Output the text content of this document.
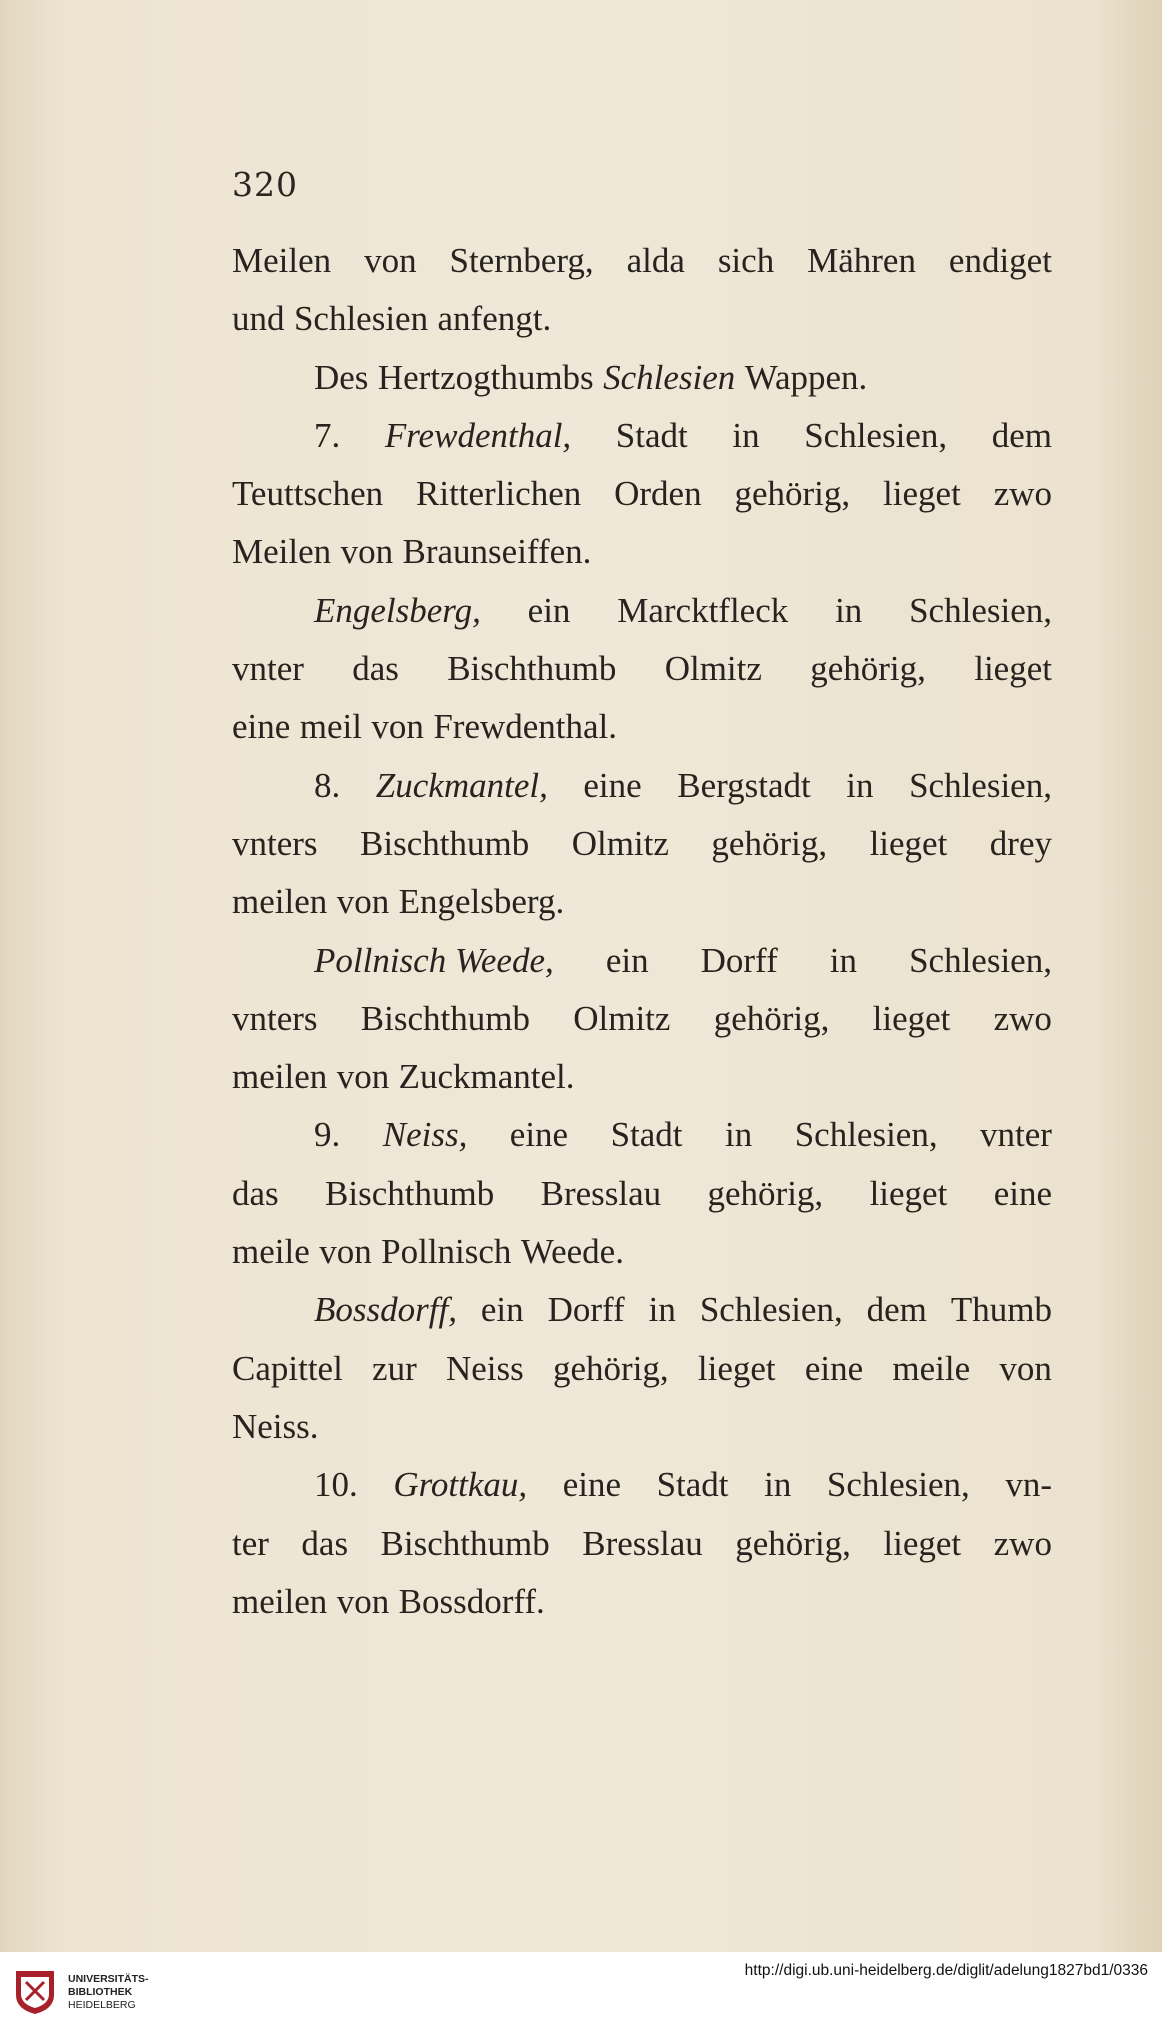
320
Meilen von Sternberg, alda sich Mähren endiget
und Schlesien anfengt.
Des Hertzogthumbs Schlesien Wappen.
7. Frewdenthal, Stadt in Schlesien, dem
Teuttschen Ritterlichen Orden gehörig, lieget zwo
Meilen von Braunseiffen.
Engelsberg, ein Marcktfleck in Schlesien,
vnter das Bischthumb Olmitz gehörig, lieget
eine meil von Frewdenthal.
8. Zuckmantel, eine Bergstadt in Schlesien,
vnters Bischthumb Olmitz gehörig, lieget drey
meilen von Engelsberg.
Pollnisch Weede, ein Dorff in Schlesien,
vnters Bischthumb Olmitz gehörig, lieget zwo
meilen von Zuckmantel.
9. Neiss, eine Stadt in Schlesien, vnter
das Bischthumb Bresslau gehörig, lieget eine
meile von Pollnisch Weede.
Bossdorff, ein Dorff in Schlesien, dem Thumb
Capittel zur Neiss gehörig, lieget eine meile von
Neiss.
10. Grottkau, eine Stadt in Schlesien, vn-
ter das Bischthumb Bresslau gehörig, lieget zwo
meilen von Bossdorff.
UNIVERSITÄTS-
BIBLIOTHEK
HEIDELBERG
http://digi.ub.uni-heidelberg.de/diglit/adelung1827bd1/0336
